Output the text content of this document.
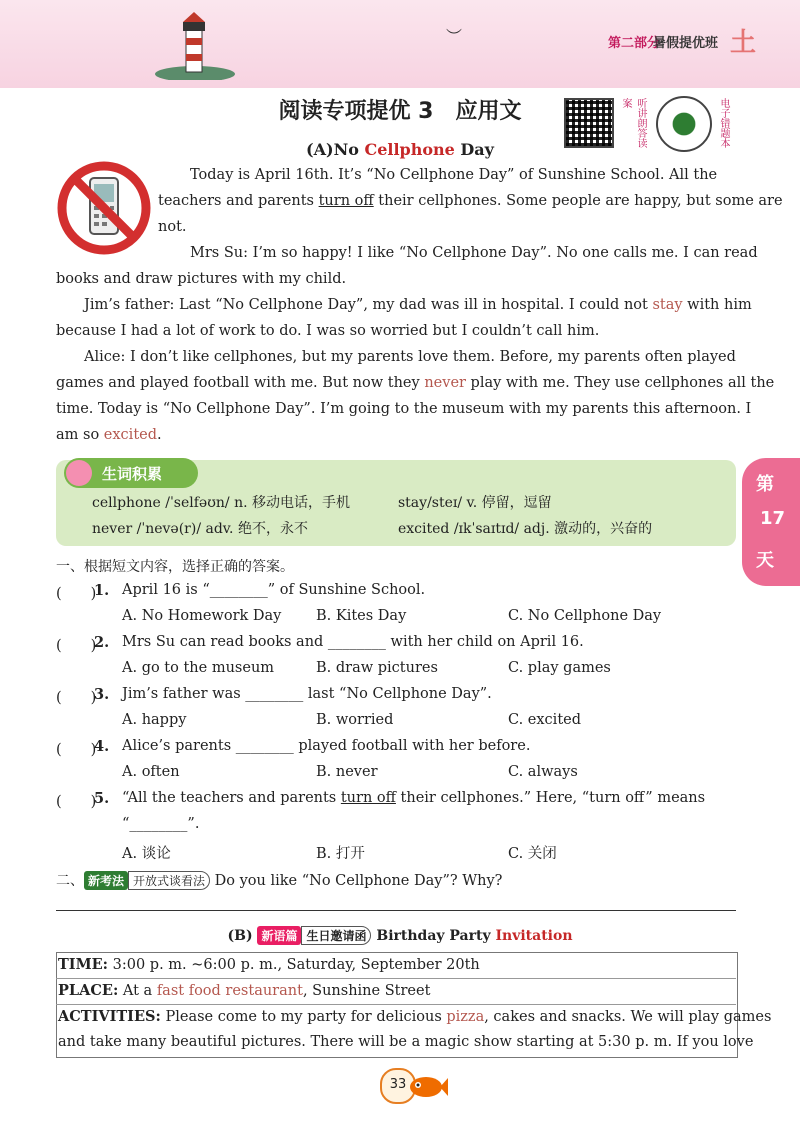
︶	第二部分
暑假提优班 土
阅读专项提优 3　应用文	听讲朗答读案	电子错题本
(A)No Cellphone Day
Today is April 16th. It’s “No Cellphone Day” of Sunshine School. All the
teachers and parents turn off their cellphones. Some people are happy, but some are
not.
Mrs Su: I’m so happy! I like “No Cellphone Day”. No one calls me. I can read
books and draw pictures with my child.
Jim’s father: Last “No Cellphone Day”, my dad was ill in hospital. I could not stay with him
because I had a lot of work to do. I was so worried but I couldn’t call him.
Alice: I don’t like cellphones, but my parents love them. Before, my parents often played
games and played football with me. But now they never play with me. They use cellphones all the
time. Today is “No Cellphone Day”. I’m going to the museum with my parents this afternoon. I
am so excited.
生词积累
cellphone /ˈselfəʊn/ n. 移动电话，手机	stay/steɪ/ v. 停留，逗留
never /ˈnevə(r)/ adv. 绝不，永不	excited /ɪkˈsaɪtɪd/ adj. 激动的，兴奋的
第
17
天
一、根据短文内容，选择正确的答案。
(　　)
1. April 16 is “________” of Sunshine School.
A. No Homework Day B. Kites Day	C. No Cellphone Day
(　　)
2. Mrs Su can read books and ________ with her child on April 16.
A. go to the museum	B. draw pictures	C. play games
(　　)
3. Jim’s father was ________ last “No Cellphone Day”.
A. happy	B. worried	C. excited
(　　)
4. Alice’s parents ________ played football with her before.
A. often	B. never	C. always
(　　)
5. “All the teachers and parents turn off their cellphones.” Here, “turn off” means
“________”.
A. 谈论	B. 打开	C. 关闭
二、 新考法 开放式谈看法 Do you like “No Cellphone Day”? Why?
(B) 新语篇 生日邀请函 Birthday Party Invitation
TIME: 3:00 p. m. ~6:00 p. m., Saturday, September 20th
PLACE: At a fast food restaurant, Sunshine Street
ACTIVITIES: Please come to my party for delicious pizza, cakes and snacks. We will play games
and take many beautiful pictures. There will be a magic show starting at 5:30 p. m. If you love
33
